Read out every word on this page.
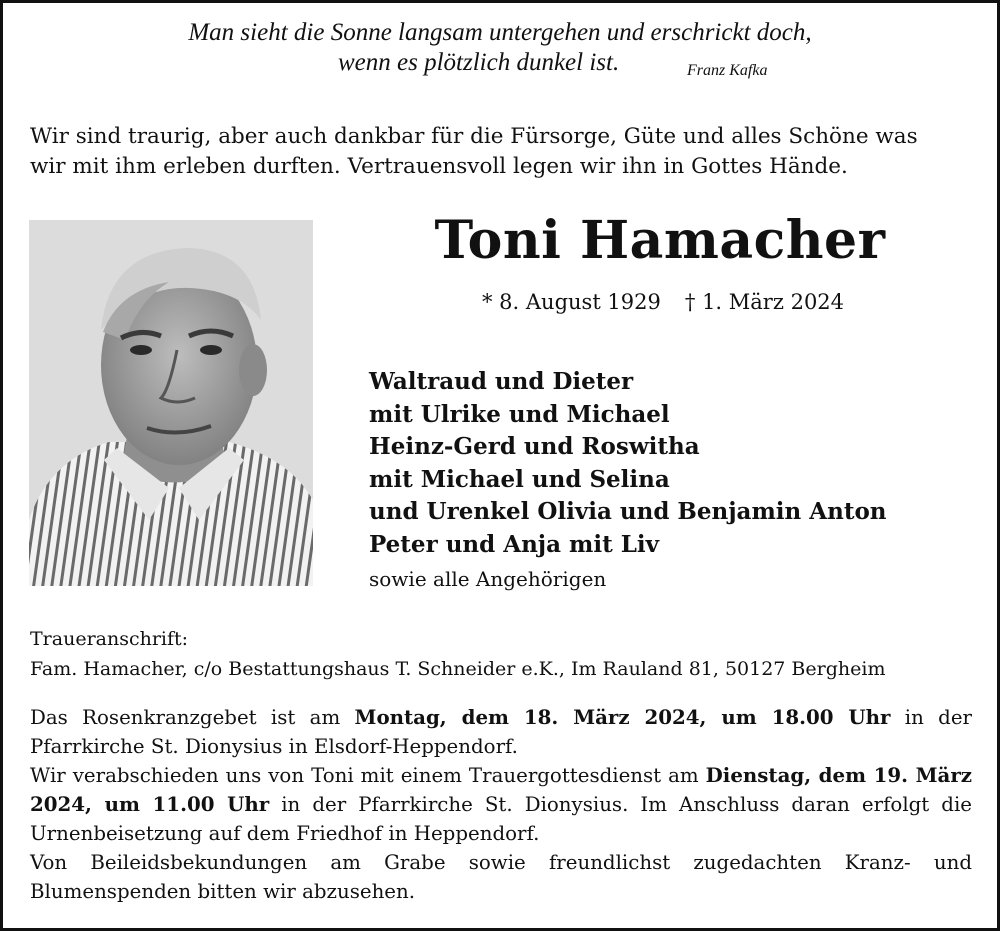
Man sieht die Sonne langsam untergehen und erschrickt doch,
wenn es plötzlich dunkel ist.	Franz Kafka
Wir sind traurig, aber auch dankbar für die Fürsorge, Güte und alles Schöne was
wir mit ihm erleben durften. Vertrauensvoll legen wir ihn in Gottes Hände.
Toni Hamacher
* 8. August 1929 † 1. März 2024
Waltraud und Dieter
mit Ulrike und Michael
Heinz-Gerd und Roswitha
mit Michael und Selina
und Urenkel Olivia und Benjamin Anton
Peter und Anja mit Liv
sowie alle Angehörigen
Traueranschrift:
Fam. Hamacher, c/o Bestattungshaus T. Schneider e.K., Im Rauland 81, 50127 Bergheim

Das Rosenkranzgebet ist am Montag, dem 18. März 2024, um 18.00 Uhr in der Pfarrkirche St. Dionysius in Elsdorf-Heppendorf.

Wir verabschieden uns von Toni mit einem Trauergottesdienst am Dienstag, dem 19. März 2024, um 11.00 Uhr in der Pfarrkirche St. Dionysius. Im Anschluss daran erfolgt die Urnenbeisetzung auf dem Friedhof in Heppendorf.

Von Beileidsbekundungen am Grabe sowie freundlichst zugedachten Kranz- und Blumenspenden bitten wir abzusehen.
